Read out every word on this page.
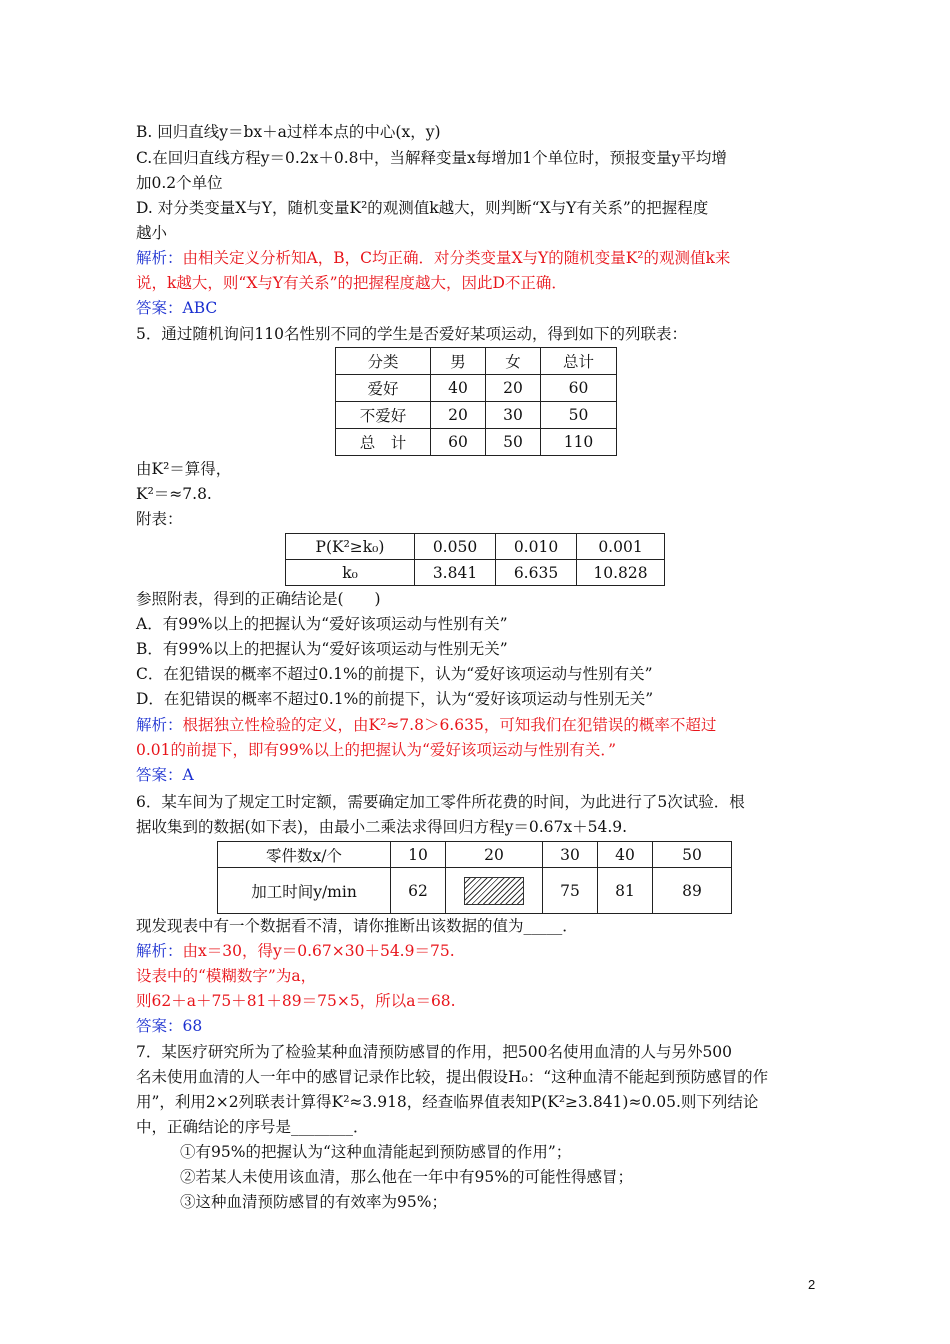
B. 回归直线y＝bx＋a过样本点的中心(x，y)
C.在回归直线方程y＝0.2x＋0.8中，当解释变量x每增加1个单位时，预报变量y平均增
加0.2个单位
D. 对分类变量X与Y，随机变量K²的观测值k越大，则判断“X与Y有关系”的把握程度
越小
解析：由相关定义分析知A，B，C均正确．对分类变量X与Y的随机变量K²的观测值k来
说，k越大，则“X与Y有关系”的把握程度越大，因此D不正确．
答案：ABC
5．通过随机询问110名性别不同的学生是否爱好某项运动，得到如下的列联表：
分类	男	女	总计
爱好	40	20	60
不爱好	20	30	50
总　计	60	50	110
由K²＝算得，
K²＝≈7.8.
附表：
P(K²≥k₀)	0.050	0.010	0.001
k₀	3.841	6.635	10.828
参照附表，得到的正确结论是(　　)
A．有99%以上的把握认为“爱好该项运动与性别有关”
B．有99%以上的把握认为“爱好该项运动与性别无关”
C．在犯错误的概率不超过0.1%的前提下，认为“爱好该项运动与性别有关”
D．在犯错误的概率不超过0.1%的前提下，认为“爱好该项运动与性别无关”
解析：根据独立性检验的定义，由K²≈7.8＞6.635，可知我们在犯错误的概率不超过
0.01的前提下，即有99%以上的把握认为“爱好该项运动与性别有关．”
答案：A
6．某车间为了规定工时定额，需要确定加工零件所花费的时间，为此进行了5次试验．根
据收集到的数据(如下表)，由最小二乘法求得回归方程y＝0.67x＋54.9.
零件数x/个	10	20	30	40	50
加工时间y/min	62		75	81	89
现发现表中有一个数据看不清，请你推断出该数据的值为_____．
解析：由x＝30，得y＝0.67×30＋54.9＝75.
设表中的“模糊数字”为a，
则62＋a＋75＋81＋89＝75×5，所以a＝68.
答案：68
7．某医疗研究所为了检验某种血清预防感冒的作用，把500名使用血清的人与另外500
名未使用血清的人一年中的感冒记录作比较，提出假设H₀：“这种血清不能起到预防感冒的作
用”，利用2×2列联表计算得K²≈3.918，经查临界值表知P(K²≥3.841)≈0.05.则下列结论
中，正确结论的序号是________．
①有95%的把握认为“这种血清能起到预防感冒的作用”；
②若某人未使用该血清，那么他在一年中有95%的可能性得感冒；
③这种血清预防感冒的有效率为95%；
2
